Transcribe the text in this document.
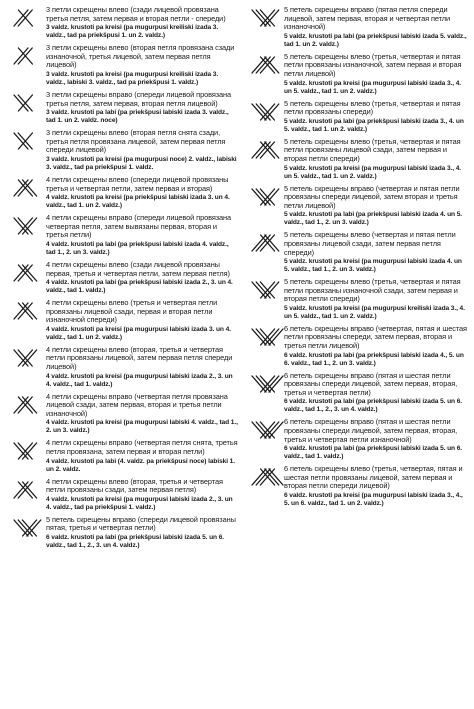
3 петли скрещены влево (сзади лицевой провязана третья петля, затем первая и вторая петли - спереди)
3 valdz. krustoti pa kreisi (pa mugurpusi kreiliski izada 3. valdz., tad pa priekšpusi 1. un 2. valdz.)
3 петли скрещены влево (вторая петля провязана сзади изнаночной, третья лицевой, затем первая петля лицевой)
3 valdz. krustoti pa kreisi (pa mugurpusi kreiliski izada 3. valdz., labiski 3. valdz., tad pa priekšpusi 1. valdz.)
3 петли скрещены вправо (спереди лицевой провязана третья петля, затем первая, вторая петля лицевой)
3 valdz. krustoti pa labi (pa priekšpusi labiski izada 3. valdz., tad 1. un 2. valdz. noce)
3 петли скрещены влево (вторая петля снята сзади, третья петля провязана лицевой, затем первая петля спереди лицевой)
3 valdz. krustoti pa kreisi (pa mugurpusi noce) 2. valdz., labiski 3. valdz., tad pa priekšpusi 1. valdz.
4 петли скрещены влево (спереди лицевой провязаны третья и четвертая петли, затем первая и вторая)
4 valdz. krustoti pa kreisi (pa priekšpusi labiski izada 3. un 4. valdz., tad 1. un 2. valdz.)
4 петли скрещены вправо (спереди лицевой провязана четвертая петля, затем вывязаны первая, вторая и третья петли)
4 valdz. krustoti pa labi (pa priekšpusi labiski izada 4. valdz., tad 1., 2. un 3. valdz.)
4 петли скрещены влево (сзади лицевой провязаны первая, третья и четвертая петли, затем первая петля)
4 valdz. krustoti pa labi (pa priekšpusi labiski izada 2., 3. un 4. valdz., tad 1. valdz.)
4 петли скрещены влево (третья и четвертая петли провязаны лицевой сзади, первая и вторая петли изнаночной спереди)
4 valdz. krustoti pa kreisi (pa mugurpusi labiski izada 3. un 4. valdz., tad 1. un 2. valdz.)
4 петли скрещены влево (вторая, третья и четвертая петли провязаны лицевой, затем первая петля спереди лицевой)
4 valdz. krustoti pa kreisi (pa mugurpusi labiski izada 2., 3. un 4. valdz., tad 1. valdz.)
4 петли скрещены вправо (четвертая петля провязана лицевой сзади, затем первая, вторая и третья петли изнаночной)
4 valdz. krustoti pa kreisi (pa mugurpusi labiski 4. valdz., tad 1., 2. un 3. valdz.)
4 петли скрещены вправо (четвертая петля снята, третья петля провязана, затем первая и вторая петли)
4 valdz. krustoti pa labi (4. valdz. pa priekšpusi noce) labiski 1. un 2. valdz.
4 петли скрещены влево (вторая, третья и четвертая петли провязаны сзади, затем первая петля)
4 valdz. krustoti pa kreisi (pa mugurpusi labiski izada 2., 3. un 4. valdz., tad pa priekšpusi 1. valdz.)
5 петель скрещены вправо (спереди лицевой провязаны пятая, третья и четвертая петли)
6 valdz. krustoti pa labi (pa priekšpusi labiski izada 5. un 6. valdz., tad 1., 2., 3. un 4. valdz.)
5 петель скрещены вправо (пятая петля спереди лицевой, затем первая, вторая и четвертая петли изнаночной)
5 valdz. krustoti pa labi (pa priekšpusi labiski izada 5. valdz., tad 1. un 2. valdz.)
5 петель скрещены влево (третья, четвертая и пятая петли провязаны изнаночной, затем первая и вторая петли лицевой)
5 valdz. krustoti pa kreisi (pa mugurpusi labiski izada 3., 4. un 5. valdz., tad 1. un 2. valdz.)
5 петель скрещены влево (третья, четвертая и пятая петли провязаны спереди)
5 valdz. krustoti pa labi (pa priekšpusi labiski izada 3., 4. un 5. valdz., tad 1. un 2. valdz.)
5 петель скрещены влево (третья, четвертая и пятая петли провязаны лицевой сзади, затем первая и вторая петли спереди)
5 valdz. krustoti pa kreisi (pa mugurpusi labiski izada 3., 4. un 5. valdz., tad 1. un 2. valdz.)
5 петель скрещены вправо (четвертая и пятая петли провязаны спереди лицевой, затем вторая и третья петли лицевой)
5 valdz. krustoti pa labi (pa priekšpusi labiski izada 4. un 5. valdz., tad 1., 2. un 3. valdz.)
5 петель скрещены влево (четвертая и пятая петли провязаны лицевой сзади, затем первая петля спереди)
5 valdz. krustoti pa kreisi (pa mugurpusi labiski izada 4. un 5. valdz., tad 1., 2. un 3. valdz.)
5 петель скрещены влево (третья, четвертая и пятая петли провязаны изнаночной сзади, затем первая и вторая петли спереди)
5 valdz. krustoti pa kreisi (pa mugurpusi kreiliski izada 3., 4. un 5. valdz., tad 1. un 2. valdz.)
6 петель скрещены вправо (четвертая, пятая и шестая петли провязаны спереди, затем первая, вторая и третья петли лицевой)
6 valdz. krustoti pa labi (pa priekšpusi labiski izada 4., 5. un 6. valdz., tad 1., 2. un 3. valdz.)
6 петель скрещены вправо (пятая и шестая петли провязаны спереди лицевой, затем первая, вторая, третья и четвертая петли)
6 valdz. krustoti pa labi (pa priekšpusi labiski izada 5. un 6. valdz., tad 1., 2., 3. un 4. valdz.)
6 петель скрещены вправо (пятая и шестая петли провязаны спереди лицевой, затем первая, вторая, третья и четвертая петли изнаночной)
6 valdz. krustoti pa labi (pa priekšpusi labiski izada 5. un 6. valdz., tad 1. valdz.)
6 петель скрещены влево (третья, четвертая, пятая и шестая петли провязаны лицевой, затем первая и вторая петли спереди лицевой)
6 valdz. krustoti pa kreisi (pa mugurpusi labiski izada 3., 4., 5. un 6. valdz., tad 1. un 2. valdz.)
